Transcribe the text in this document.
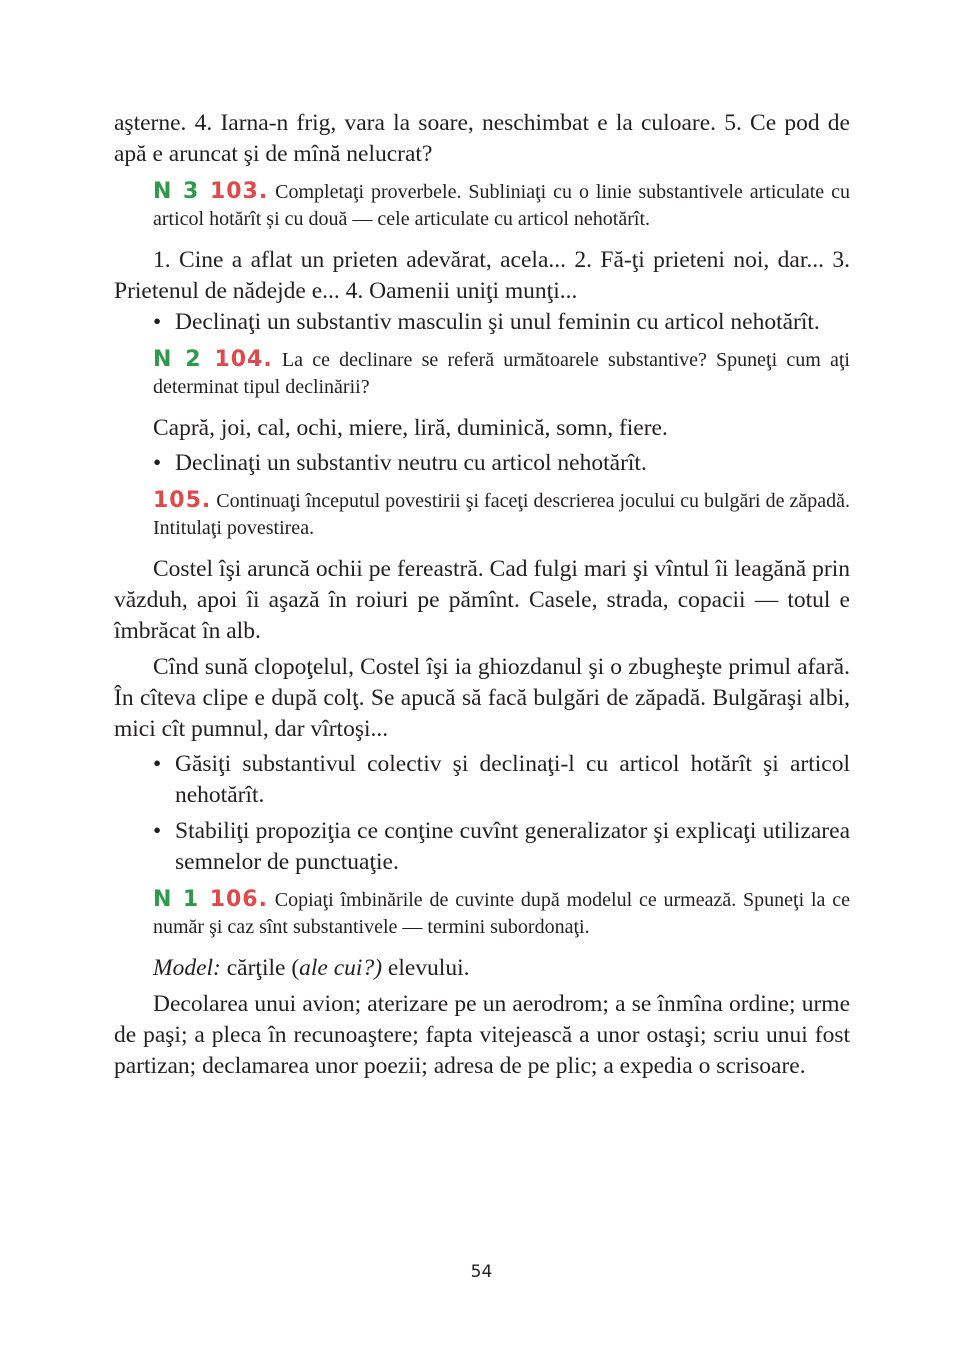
aşterne. 4. Iarna-n frig, vara la soare, neschimbat e la culoare. 5. Ce pod de apă e aruncat şi de mînă nelucrat?

N 3 103. Completaţi proverbele. Subliniaţi cu o linie substantivele articulate cu articol hotărît și cu două — cele articulate cu articol nehotărît.

1. Cine a aflat un prieten adevărat, acela... 2. Fă-ţi prieteni noi, dar... 3. Prietenul de nădejde e... 4. Oamenii uniţi munţi...

• Declinaţi un substantiv masculin şi unul feminin cu articol nehotărît.

N 2 104. La ce declinare se referă următoarele substantive? Spuneţi cum aţi determinat tipul declinării?

Capră, joi, cal, ochi, miere, liră, duminică, somn, fiere.

• Declinaţi un substantiv neutru cu articol nehotărît.

105. Continuaţi începutul povestirii şi faceţi descrierea jocului cu bulgări de zăpadă. Intitulaţi povestirea.

Costel îşi aruncă ochii pe fereastră. Cad fulgi mari şi vîntul îi leagănă prin văzduh, apoi îi aşază în roiuri pe pămînt. Casele, strada, copacii — totul e îmbrăcat în alb.

Cînd sună clopoţelul, Costel îşi ia ghiozdanul şi o zbugheşte primul afară. În cîteva clipe e după colţ. Se apucă să facă bulgări de zăpadă. Bulgăraşi albi, mici cît pumnul, dar vîrtoşi...

• Găsiţi substantivul colectiv şi declinaţi-l cu articol hotărît şi articol nehotărît.
• Stabiliţi propoziţia ce conţine cuvînt generalizator şi explicaţi utilizarea semnelor de punctuaţie.

N 1 106. Copiaţi îmbinările de cuvinte după modelul ce urmează. Spuneţi la ce număr şi caz sînt substantivele — termini subordonaţi.

Model: cărţile (ale cui?) elevului.

Decolarea unui avion; aterizare pe un aerodrom; a se înmîna ordine; urme de paşi; a pleca în recunoaştere; fapta vitejească a unor ostaşi; scriu unui fost partizan; declamarea unor poezii; adresa de pe plic; a expedia o scrisoare.

54
